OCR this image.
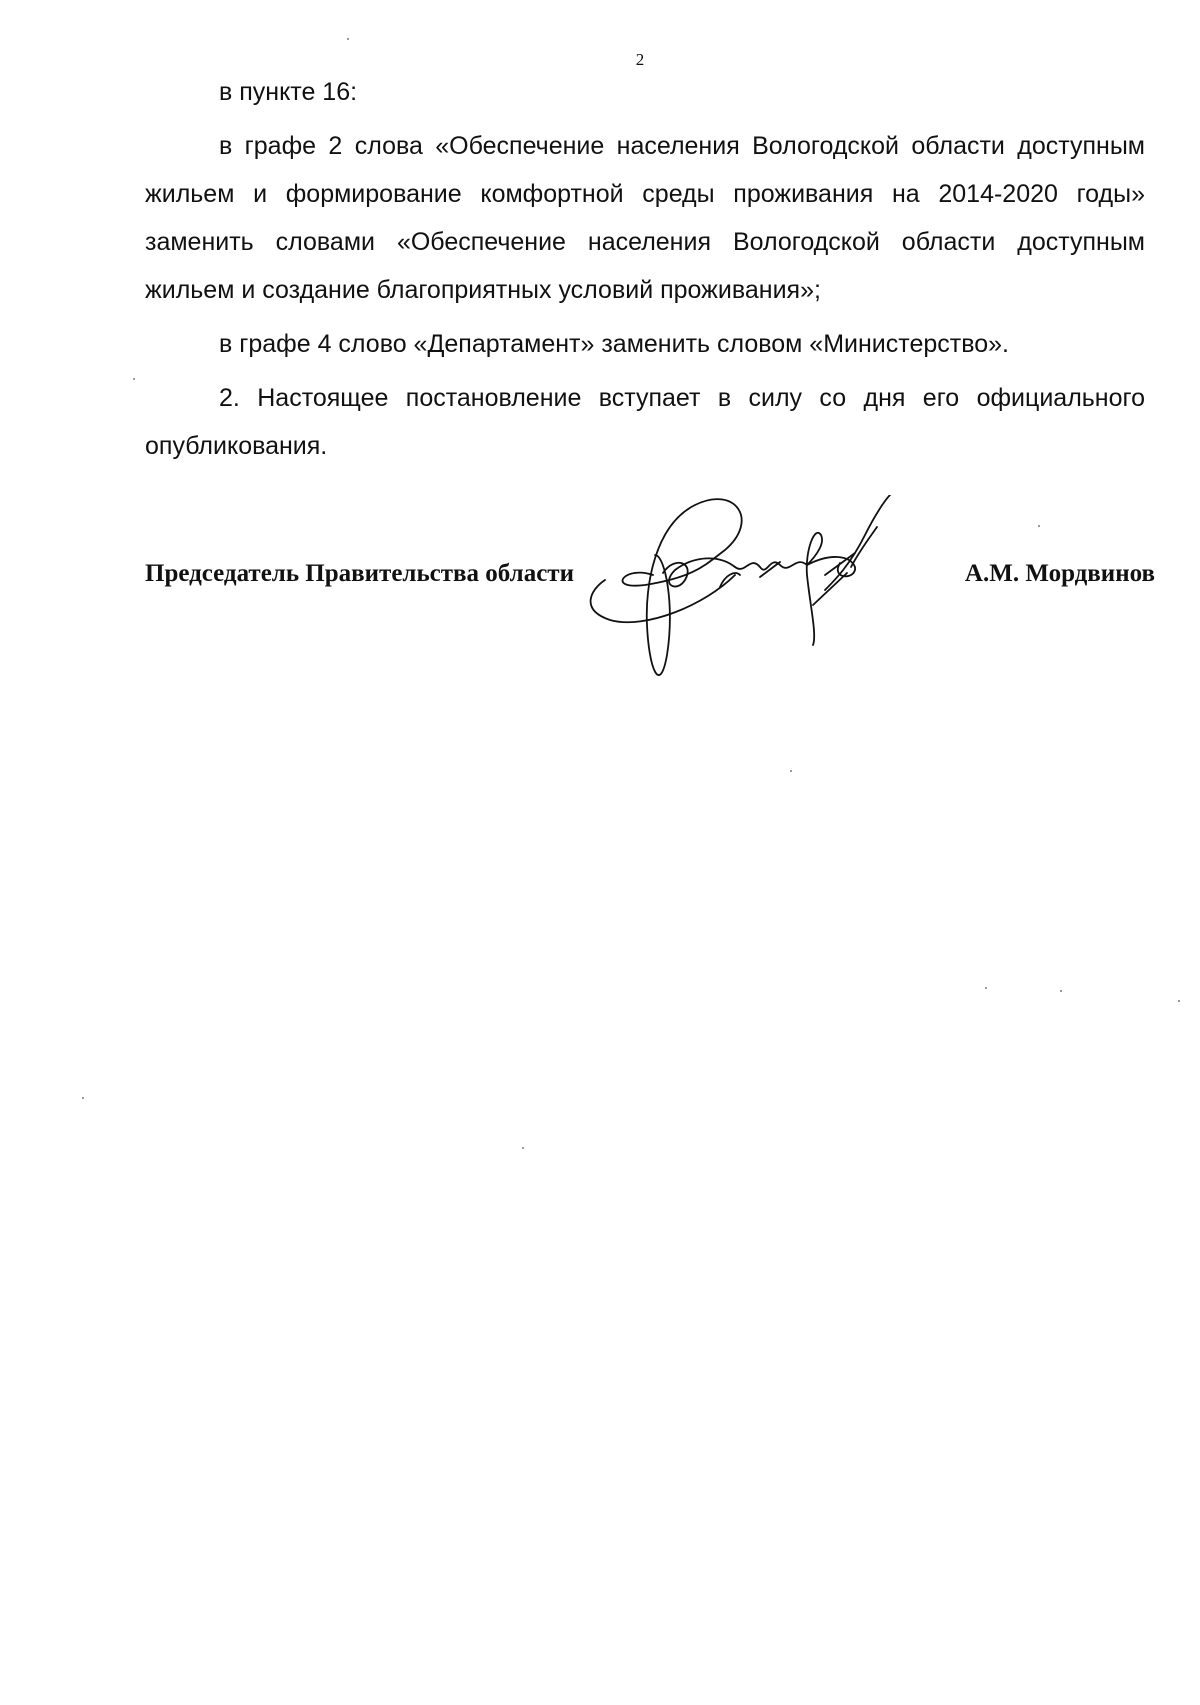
2

в пункте 16:

в графе 2 слова «Обеспечение населения Вологодской области доступным жильем и формирование комфортной среды проживания на 2014-2020 годы» заменить словами «Обеспечение населения Вологодской области доступным жильем и создание благоприятных условий проживания»;

в графе 4 слово «Департамент» заменить словом «Министерство».

2. Настоящее постановление вступает в силу со дня его официального опубликования.

Председатель Правительства области	А.М. Мордвинов
